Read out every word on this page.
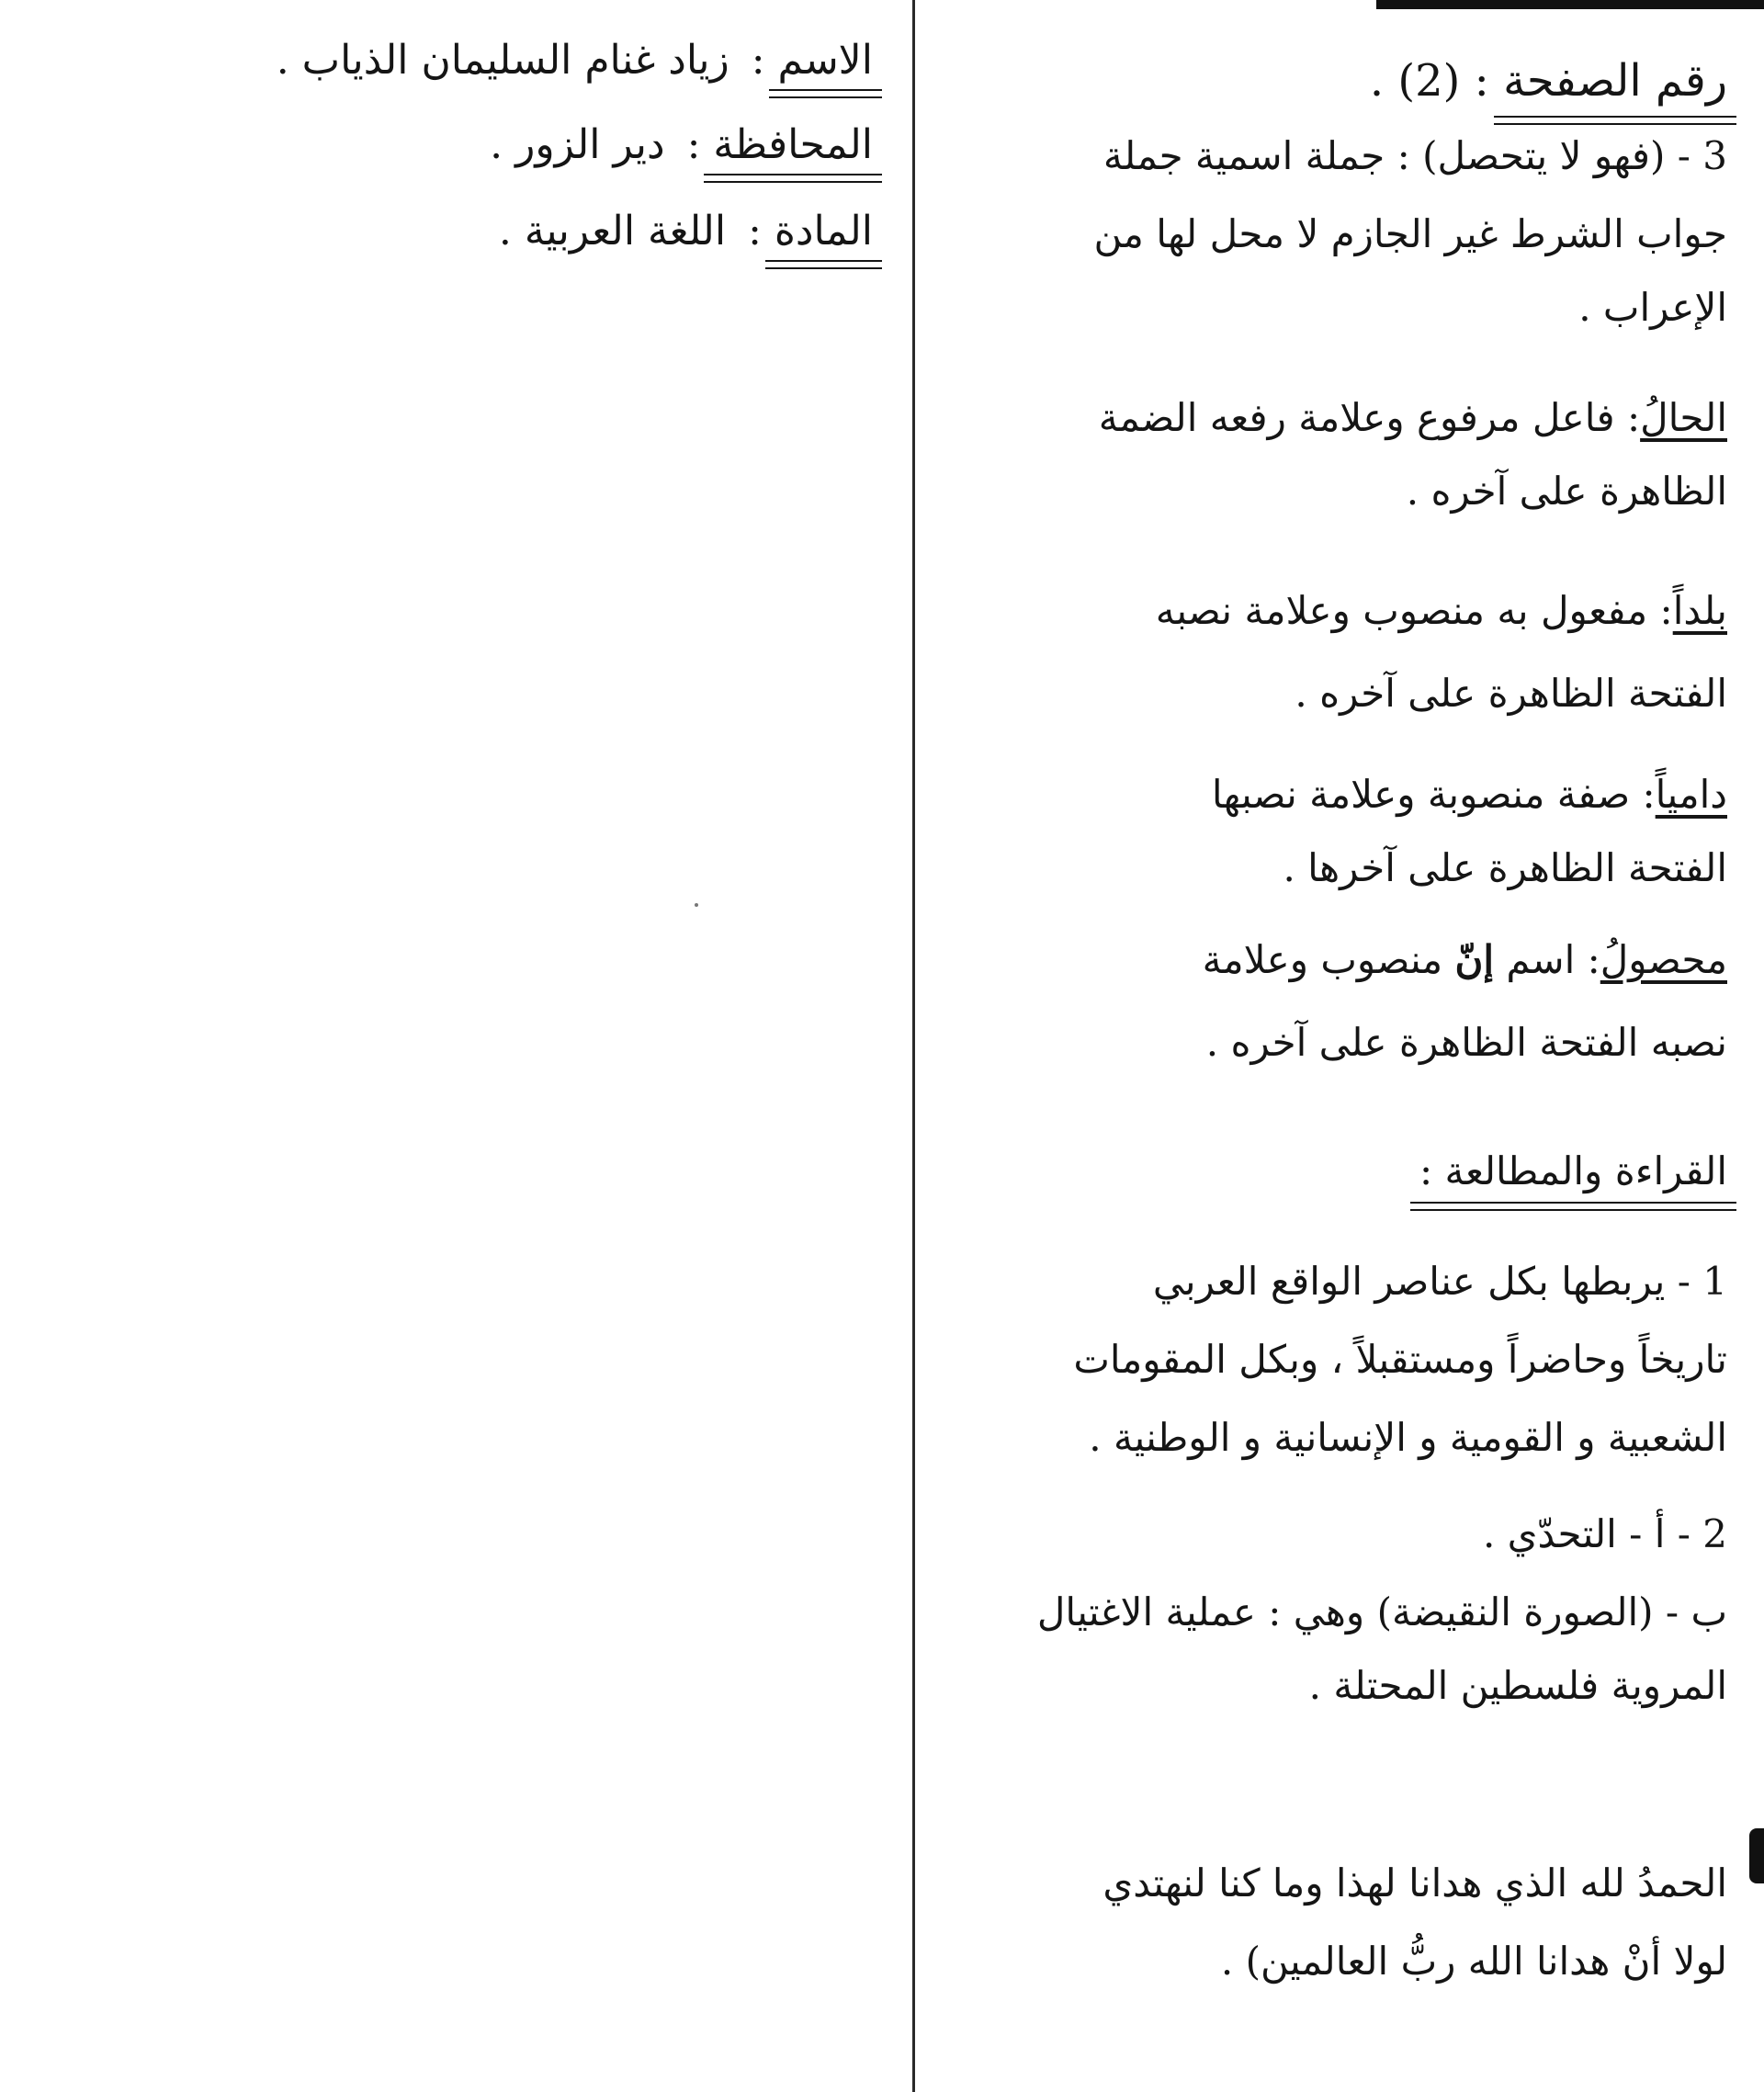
الاسم : زياد غنام السليمان الذياب .
المحافظة : دير الزور .
المادة : اللغة العربية .
رقم الصفحة : (2) .
3 - (فهو لا يتحصل) : جملة اسمية جملة
جواب الشرط غير الجازم لا محل لها من
الإعراب .
الحالُ: فاعل مرفوع وعلامة رفعه الضمة
الظاهرة على آخره .
بلداً: مفعول به منصوب وعلامة نصبه
الفتحة الظاهرة على آخره .
دامياً: صفة منصوبة وعلامة نصبها
الفتحة الظاهرة على آخرها .
محصولُ: اسم إنّ منصوب وعلامة
نصبه الفتحة الظاهرة على آخره .
القراءة والمطالعة :
1 - يربطها بكل عناصر الواقع العربي
تاريخاً وحاضراً ومستقبلاً ، وبكل المقومات
الشعبية و القومية و الإنسانية و الوطنية .
2 - أ - التحدّي .
ب - (الصورة النقيضة) وهي : عملية الاغتيال
المروية فلسطين المحتلة .
الحمدُ لله الذي هدانا لهذا وما كنا لنهتدي
لولا أنْ هدانا الله ربُّ العالمين) .
